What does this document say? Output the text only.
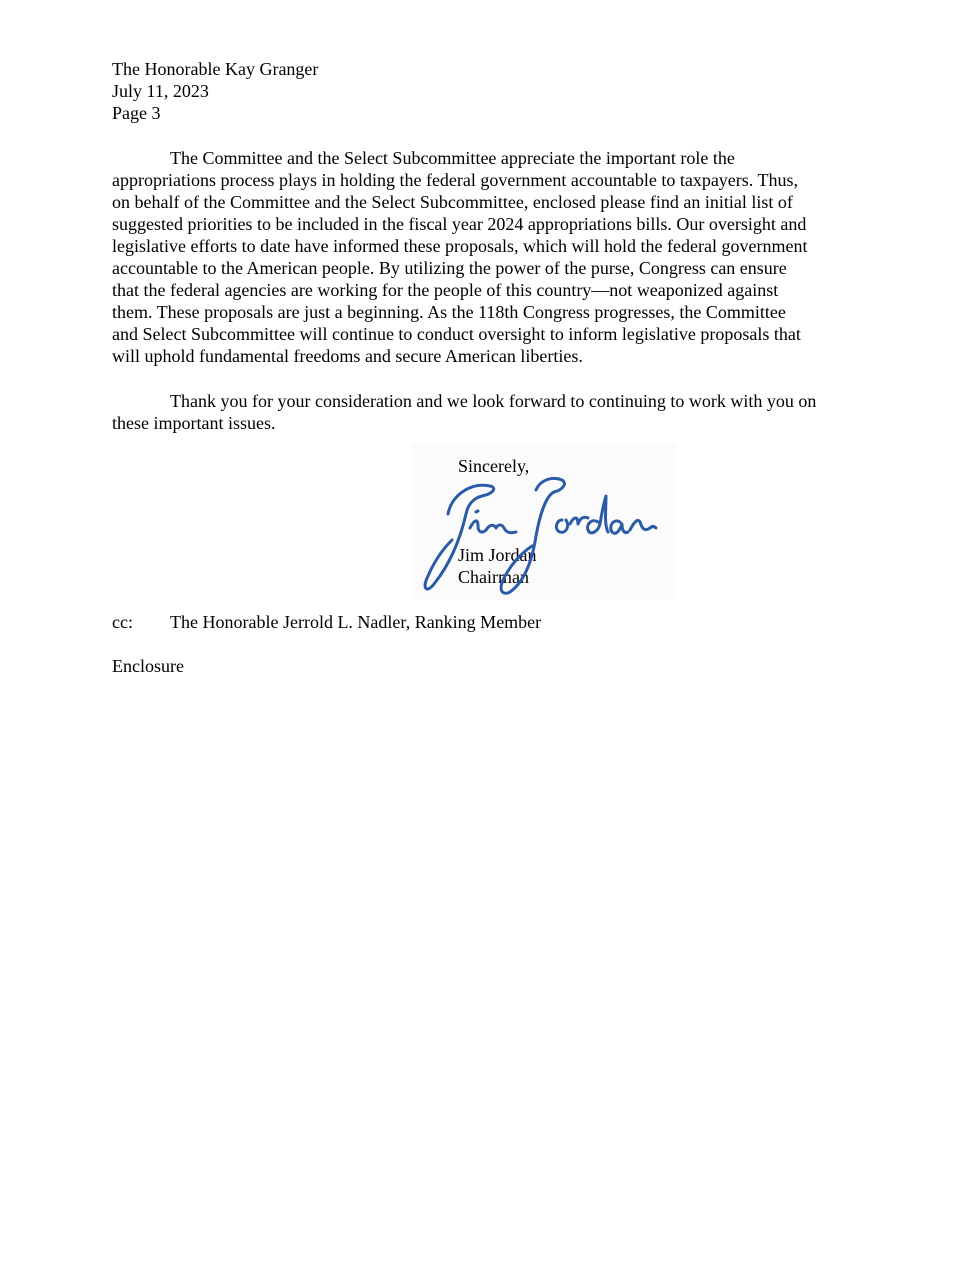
The Honorable Kay Granger
July 11, 2023
Page 3
The Committee and the Select Subcommittee appreciate the important role the
appropriations process plays in holding the federal government accountable to taxpayers. Thus,
on behalf of the Committee and the Select Subcommittee, enclosed please find an initial list of
suggested priorities to be included in the fiscal year 2024 appropriations bills. Our oversight and
legislative efforts to date have informed these proposals, which will hold the federal government
accountable to the American people. By utilizing the power of the purse, Congress can ensure
that the federal agencies are working for the people of this country—not weaponized against
them. These proposals are just a beginning. As the 118th Congress progresses, the Committee
and Select Subcommittee will continue to conduct oversight to inform legislative proposals that
will uphold fundamental freedoms and secure American liberties.
Thank you for your consideration and we look forward to continuing to work with you on
these important issues.
Sincerely,
Jim Jordan
Chairman
cc: The Honorable Jerrold L. Nadler, Ranking Member
Enclosure
